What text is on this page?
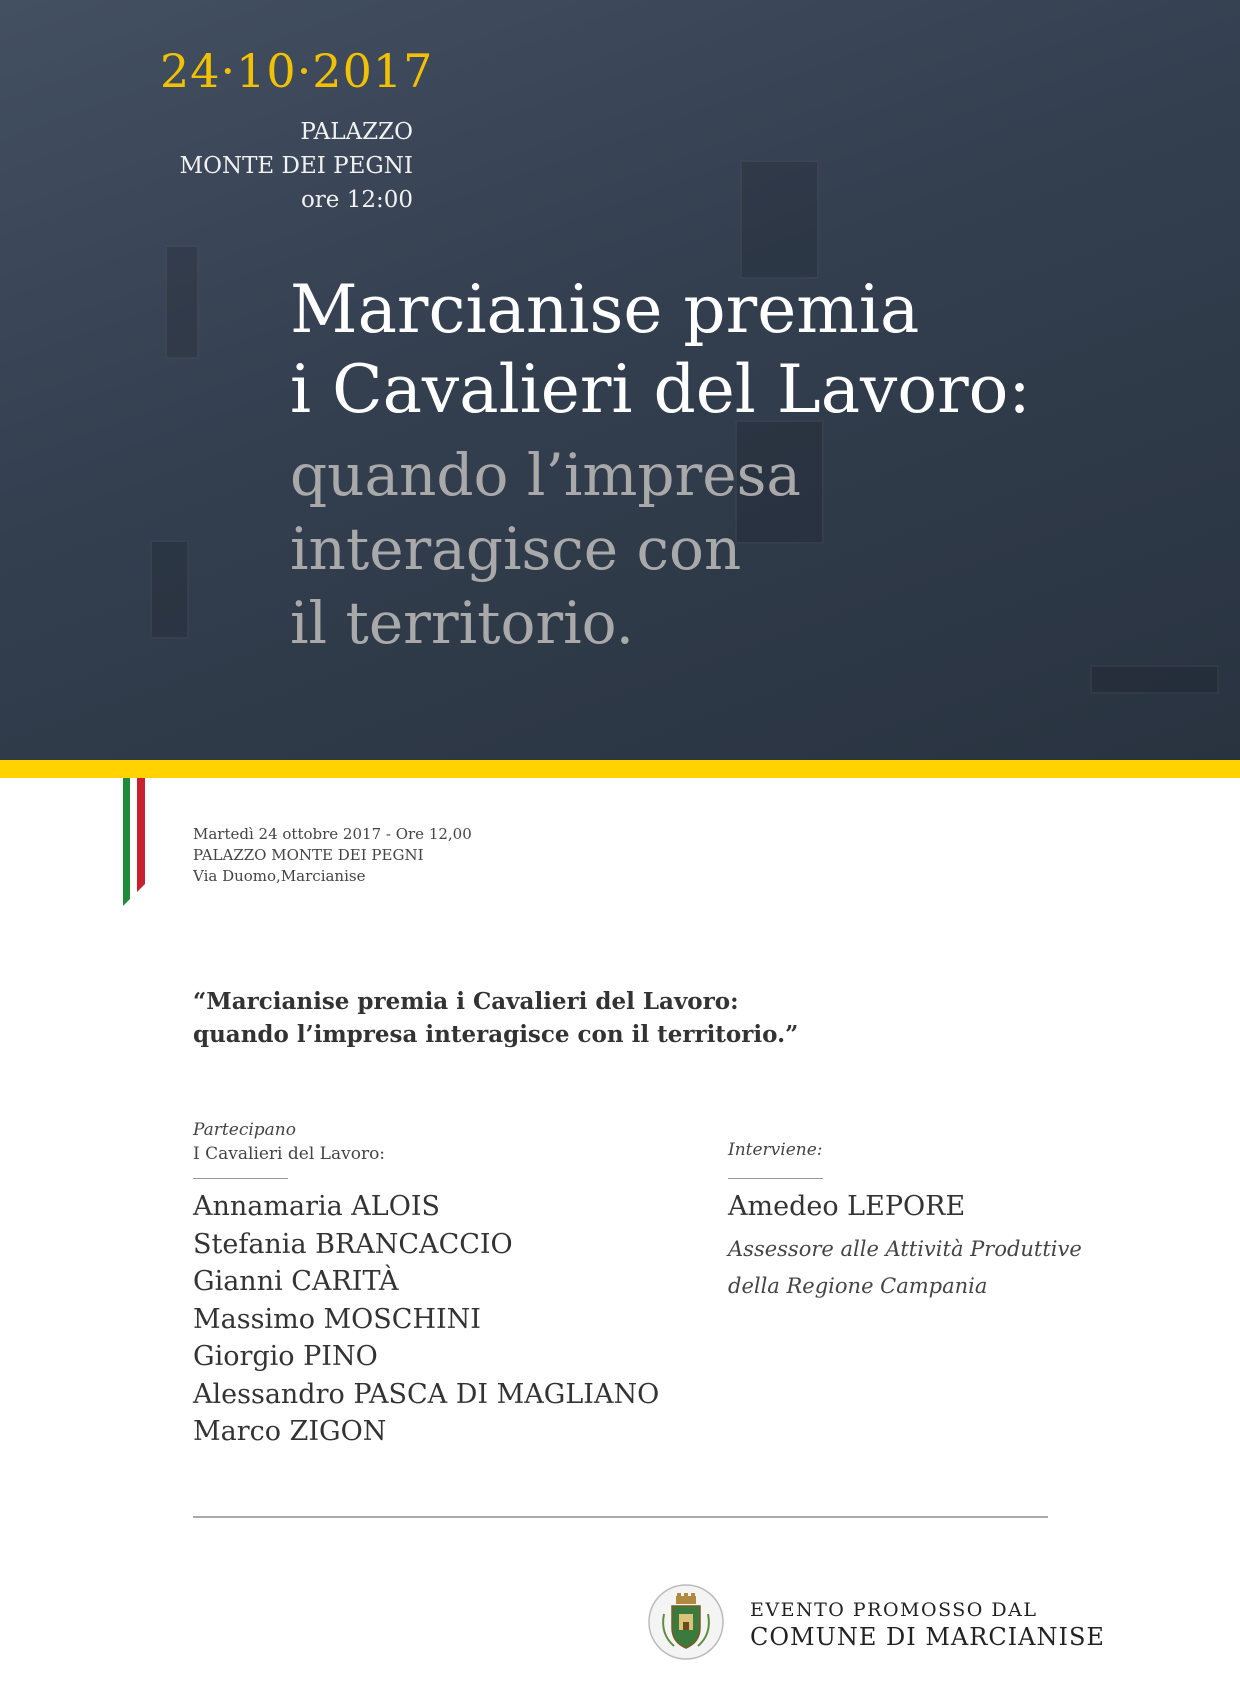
24·10·2017
PALAZZO
MONTE DEI PEGNI
ore 12:00
Marcianise premia
i Cavalieri del Lavoro:
quando l’impresa
interagisce con
il territorio.
Martedì 24 ottobre 2017 - Ore 12,00
PALAZZO MONTE DEI PEGNI
Via Duomo,Marcianise
“Marcianise premia i Cavalieri del Lavoro:
quando l’impresa interagisce con il territorio.”
Partecipano
I Cavalieri del Lavoro:
Annamaria ALOIS
Stefania BRANCACCIO
Gianni CARITÀ
Massimo MOSCHINI
Giorgio PINO
Alessandro PASCA DI MAGLIANO
Marco ZIGON
Interviene:
Amedeo LEPORE
Assessore alle Attività Produttive
della Regione Campania
EVENTO PROMOSSO DAL
COMUNE DI MARCIANISE
